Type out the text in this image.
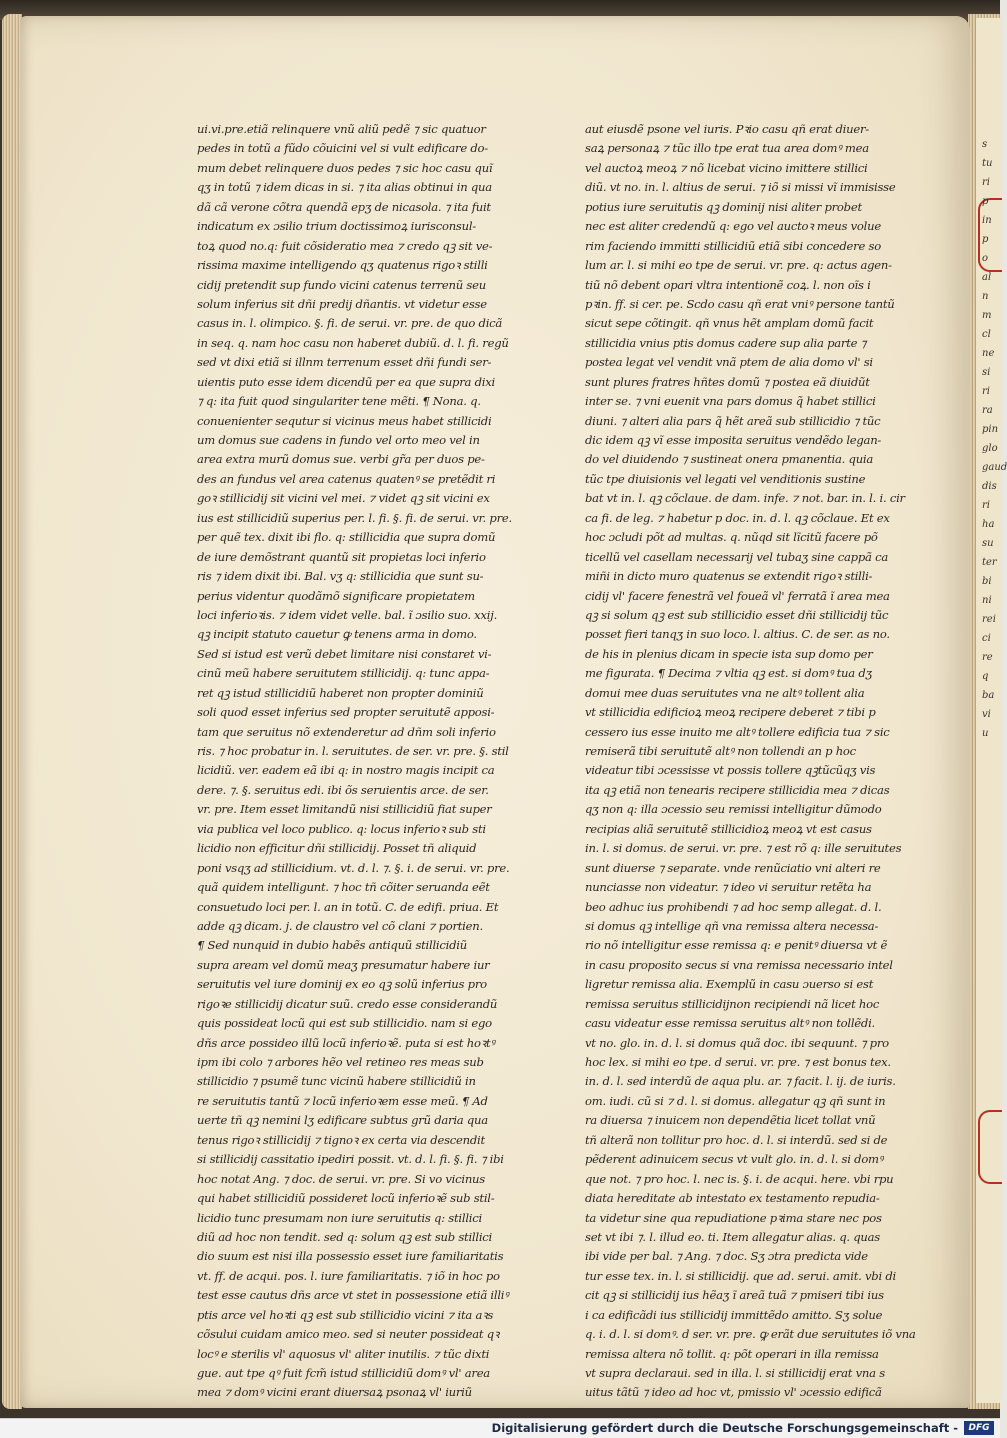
ui.vi.pre.etiã relinquere vnũ aliũ pedẽ ⁊ sic quatuor
pedes in totũ a fũdo cõuicini vel si vult edificare do-
mum debet relinquere duos pedes ⁊ sic hoc casu quĩ
qʒ in totũ ⁊ idem dicas in si. ⁊ ita alias obtinui in qua
dã cã verone cõtra quendã epʒ de nicasola. ⁊ ita fuit
indicatum ex ɔsilio trium doctissimoꝝ iurisconsul-
toꝝ quod no.q: fuit cõsideratio mea ⁊ credo qꝫ sit ve-
rissima maxime intelligendo qʒ quatenus rigoꝛ stilli
cidij pretendit sup fundo vicini catenus terrenũ seu
solum inferius sit dñi predij dñantis. vt videtur esse
casus in. l. olimpico. §. fi. de serui. vr. pre. de quo dicã
in seq. q. nam hoc casu non haberet dubiũ. d. l. fi. regũ
sed vt dixi etiã si illnm terrenum esset dñi fundi ser-
uientis puto esse idem dicendũ per ea que supra dixi
⁊ q: ita fuit quod singulariter tene mẽti. ¶ Nona. q.
conuenienter sequtur si vicinus meus habet stillicidi
um domus sue cadens in fundo vel orto meo vel in
area extra murũ domus sue. verbi gr̃a per duos pe-
des an fundus vel area catenus quatenꝰ se pretẽdit ri
goꝛ stillicidij sit vicini vel mei. ⁊ videt qꝫ sit vicini ex
ius est stillicidiũ superius per. l. fi. §. fi. de serui. vr. pre.
per quẽ tex. dixit ibi flo. q: stillicidia que supra domũ
de iure demõstrant quantũ sit propietas loci inferio
ris ⁊ idem dixit ibi. Bal. vʒ q: stillicidia que sunt su-
perius videntur quodãmõ significare propietatem
loci inferioꝛis. ⁊ idem videt velle. bal. ĩ ɔsilio suo. xxij.
qꝫ incipit statuto cauetur ꝙ tenens arma in domo.
Sed si istud est verũ debet limitare nisi constaret vi-
cinũ meũ habere seruitutem stillicidij. q: tunc appa-
ret qꝫ istud stillicidiũ haberet non propter dominiũ
soli quod esset inferius sed propter seruitutẽ apposi-
tam que seruitus nõ extenderetur ad dñm soli inferio
ris. ⁊ hoc probatur in. l. seruitutes. de ser. vr. pre. §. stil
licidiũ. ver. eadem eã ibi q: in nostro magis incipit ca
dere. ⁊. §. seruitus edi. ibi õs seruientis arce. de ser.
vr. pre. Item esset limitandũ nisi stillicidiũ fiat super
via publica vel loco publico. q: locus inferioꝛ sub sti
licidio non efficitur dñi stillicidij. Posset tñ aliquid
poni vsqʒ ad stillicidium. vt. d. l. ⁊. §. i. de serui. vr. pre.
quã quidem intelligunt. ⁊ hoc tñ cõiter seruanda eẽt
consuetudo loci per. l. an in totũ. C. de edifi. priua. Et
adde qꝫ dicam. j. de claustro vel cõ clani ⁊ portien.
¶ Sed nunquid in dubio habẽs antiquũ stillicidiũ
supra aream vel domũ meaʒ presumatur habere iur
seruitutis vel iure dominij ex eo qꝫ solũ inferius pro
rigoꝛe stillicidij dicatur suũ. credo esse considerandũ
quis possideat locũ qui est sub stillicidio. nam si ego
dñs arce possideo illũ locũ inferioꝛẽ. puta si est hoꝛtꝰ
ipm ibi colo ⁊ arbores hẽo vel retineo res meas sub
stillicidio ⁊ psumẽ tunc vicinũ habere stillicidiũ in
re seruitutis tantũ ⁊ locũ inferioꝛem esse meũ. ¶ Ad
uerte tñ qꝫ nemini lʒ edificare subtus grũ daria qua
tenus rigoꝛ stillicidij ⁊ tignoꝛ ex certa via descendit
si stillicidij cassitatio ipediri possit. vt. d. l. fi. §. fi. ⁊ ibi
hoc notat Ang. ⁊ doc. de serui. vr. pre. Si vo vicinus
qui habet stillicidiũ possideret locũ inferioꝛẽ sub stil-
licidio tunc presumam non iure seruitutis q: stillici
diũ ad hoc non tendit. sed q: solum qꝫ est sub stillici
dio suum est nisi illa possessio esset iure familiaritatis
vt. ff. de acqui. pos. l. iure familiaritatis. ⁊ iõ in hoc po
test esse cautus dñs arce vt stet in possessione etiã illiꝰ
ptis arce vel hoꝛti qꝫ est sub stillicidio vicini ⁊ ita aꝛs
cõsului cuidam amico meo. sed si neuter possideat qꝛ
locꝰ e sterilis vl' aquosus vl' aliter inutilis. ⁊ tũc dixti
gue. aut tpe qꝰ fuit fcm̃ istud stillicidiũ domꝰ vl' area
mea ⁊ domꝰ vicini erant diuersaꝝ psonaꝝ vl' iuriũ
aut eiusdẽ psone vel iuris. Pꝛio casu qñ erat diuer-
saꝝ personaꝝ ⁊ tũc illo tpe erat tua area domꝰ mea
vel auctoꝝ meoꝝ ⁊ nõ licebat vicino imittere stillici
diũ. vt no. in. l. altius de serui. ⁊ iõ si missi vĩ immisisse
potius iure seruitutis qꝫ dominij nisi aliter probet
nec est aliter credendũ q: ego vel auctoꝛ meus volue
rim faciendo immitti stillicidiũ etiã sibi concedere so
lum ar. l. si mihi eo tpe de serui. vr. pre. q: actus agen-
tiũ nõ debent opari vltra intentionẽ coꝝ. l. non oĩs i
pꝛin. ff. si cer. pe. Scdo casu qñ erat vniꝰ persone tantũ
sicut sepe cõtingit. qñ vnus hẽt amplam domũ facit
stillicidia vnius ptis domus cadere sup alia parte ⁊
postea legat vel vendit vnã ptem de alia domo vl' si
sunt plures fratres hñtes domũ ⁊ postea eã diuidũt
inter se. ⁊ vni euenit vna pars domus q̃ habet stillici
diuni. ⁊ alteri alia pars q̃ hẽt areã sub stillicidio ⁊ tũc
dic idem qꝫ vĩ esse imposita seruitus vendẽdo legan-
do vel diuidendo ⁊ sustineat onera pmanentia. quia
tũc tpe diuisionis vel legati vel venditionis sustine
bat vt in. l. qꝫ cõclaue. de dam. infe. ⁊ not. bar. in. l. i. cir
ca fi. de leg. ⁊ habetur p doc. in. d. l. qꝫ cõclaue. Et ex
hoc ɔcludi põt ad multas. q. nũqd sit lĩcitũ facere põ
ticellũ vel casellam necessarij vel tubaʒ sine cappã ca
miñi in dicto muro quatenus se extendit rigoꝛ stilli-
cidij vl' facere fenestrã vel foueã vl' ferratã ĩ area mea
qꝫ si solum qꝫ est sub stillicidio esset dñi stillicidij tũc
posset fieri tanqʒ in suo loco. l. altius. C. de ser. as no.
de his in plenius dicam in specie ista sup domo per
me figurata. ¶ Decima ⁊ vltia qꝫ est. si domꝰ tua dʒ
domui mee duas seruitutes vna ne altꝰ tollent alia
vt stillicidia edificioꝝ meoꝝ recipere deberet ⁊ tibi p
cessero ius esse inuito me altꝰ tollere edificia tua ⁊ sic
remiserã tibi seruitutẽ altꝰ non tollendi an p hoc
videatur tibi ɔcessisse vt possis tollere qꝫtũcũqʒ vis
ita qꝫ etiã non tenearis recipere stillicidia mea ⁊ dicas
qʒ non q: illa ɔcessio seu remissi intelligitur dũmodo
recipias aliã seruitutẽ stillicidioꝝ meoꝝ vt est casus
in. l. si domus. de serui. vr. pre. ⁊ est rõ q: ille seruitutes
sunt diuerse ⁊ separate. vnde renũciatio vni alteri re
nunciasse non videatur. ⁊ ideo vi seruitur retẽta ha
beo adhuc ius prohibendi ⁊ ad hoc semp allegat. d. l.
si domus qꝫ intellige qñ vna remissa altera necessa-
rio nõ intelligitur esse remissa q: e penitꝰ diuersa vt ẽ
in casu proposito secus si vna remissa necessario intel
ligretur remissa alia. Exemplũ in casu ɔuerso si est
remissa seruitus stillicidijnon recipiendi nã licet hoc
casu videatur esse remissa seruitus altꝰ non tollẽdi.
vt no. glo. in. d. l. si domus quã doc. ibi sequunt. ⁊ pro
hoc lex. si mihi eo tpe. d serui. vr. pre. ⁊ est bonus tex.
in. d. l. sed interdũ de aqua plu. ar. ⁊ facit. l. ij. de iuris.
om. iudi. cũ si ⁊ d. l. si domus. allegatur qꝫ qñ sunt in
ra diuersa ⁊ inuicem non dependẽtia licet tollat vnũ
tñ alterã non tollitur pro hoc. d. l. si interdũ. sed si de
pẽderent adinuicem secus vt vult glo. in. d. l. si domꝰ
que not. ⁊ pro hoc. l. nec is. §. i. de acqui. here. vbi rpu
diata hereditate ab intestato ex testamento repudia-
ta videtur sine qua repudiatione pꝛima stare nec pos
set vt ibi ⁊. l. illud eo. ti. Item allegatur alias. q. quas
ibi vide per bal. ⁊ Ang. ⁊ doc. Sʒ ɔtra predicta vide
tur esse tex. in. l. si stillicidij. que ad. serui. amit. vbi di
cit qꝫ si stillicidij ius hẽaʒ ĩ areã tuã ⁊ pmiseri tibi ius
i ca edificãdi ius stillicidij immittẽdo amitto. Sʒ solue
q. i. d. l. si domꝰ. d ser. vr. pre. ꝙ erãt due seruitutes iõ vna
remissa altera nõ tollit. q: põt operari in illa remissa
vt supra declaraui. sed in illa. l. si stillicidij erat vna s
uitus tãtũ ⁊ ideo ad hoc vt, pmissio vl' ɔcessio edificã
s
tu
ri
p
in
p
o
al
n
m
cl
ne
si
ri
ra
pin
glo
gaud
dis
ri
ha
su
ter
bi
ni
rei
ci
re
q
ba
vi
u
Digitalisierung gefördert durch die Deutsche Forschungsgemeinschaft -	DFG
